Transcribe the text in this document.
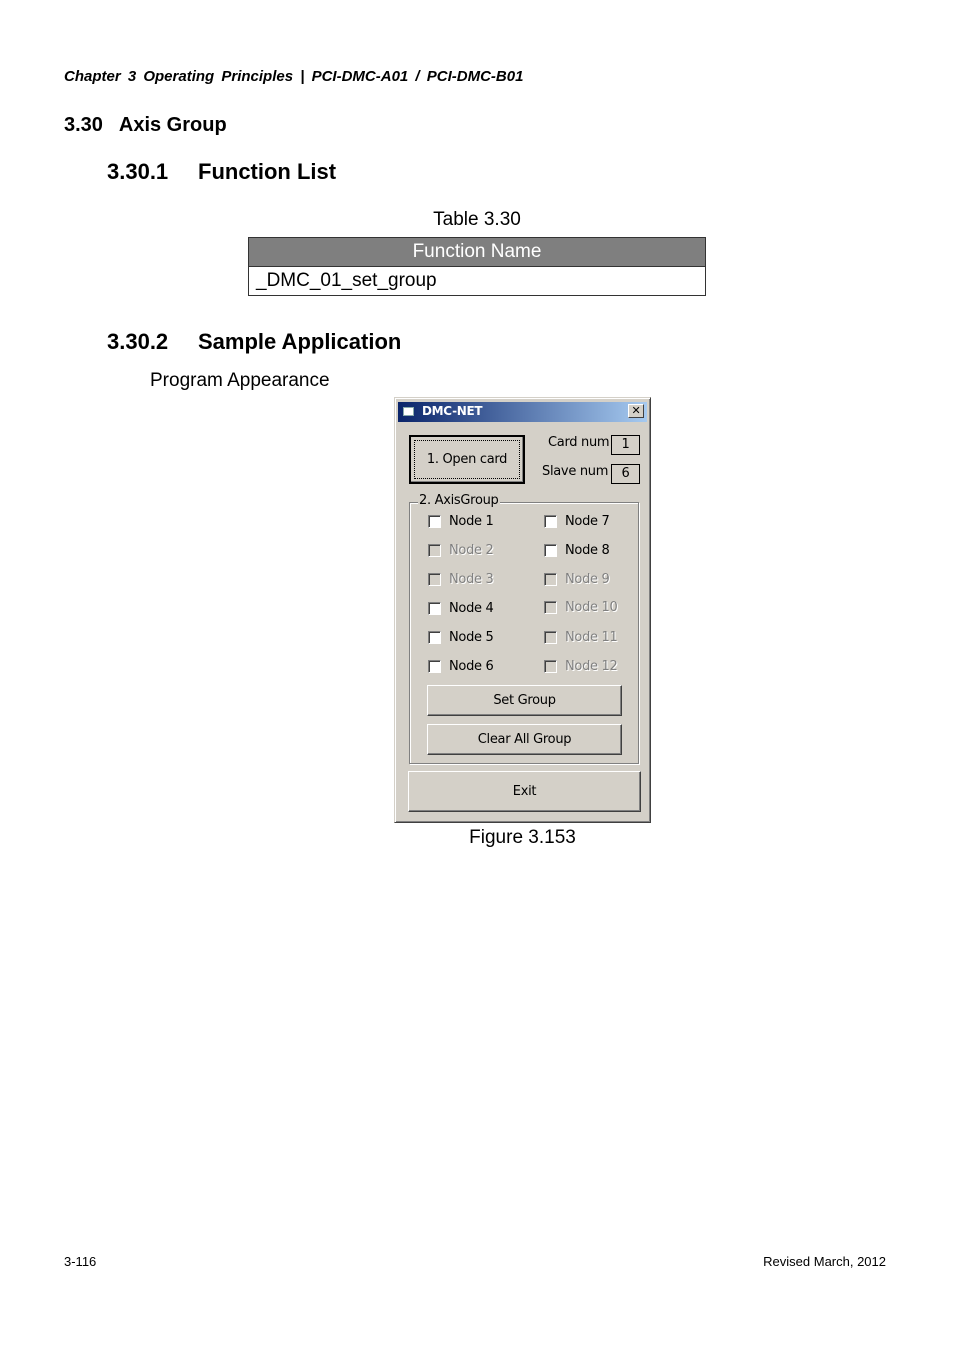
Chapter 3 Operating Principles | PCI-DMC-A01 / PCI-DMC-B01
3.30 Axis Group
3.30.1 Function List
Table 3.30
Function Name
_DMC_01_set_group
3.30.2 Sample Application
Program Appearance
DMC-NET	✕
1. Open card
Card num 1
Slave num	6
2. AxisGroup
Node 1
Node 2
Node 3
Node 4
Node 5
Node 6
Node 7
Node 8
Node 9
Node 10
Node 11
Node 12
Set Group
Clear All Group
Exit
Figure 3.153
3-116	Revised March, 2012
